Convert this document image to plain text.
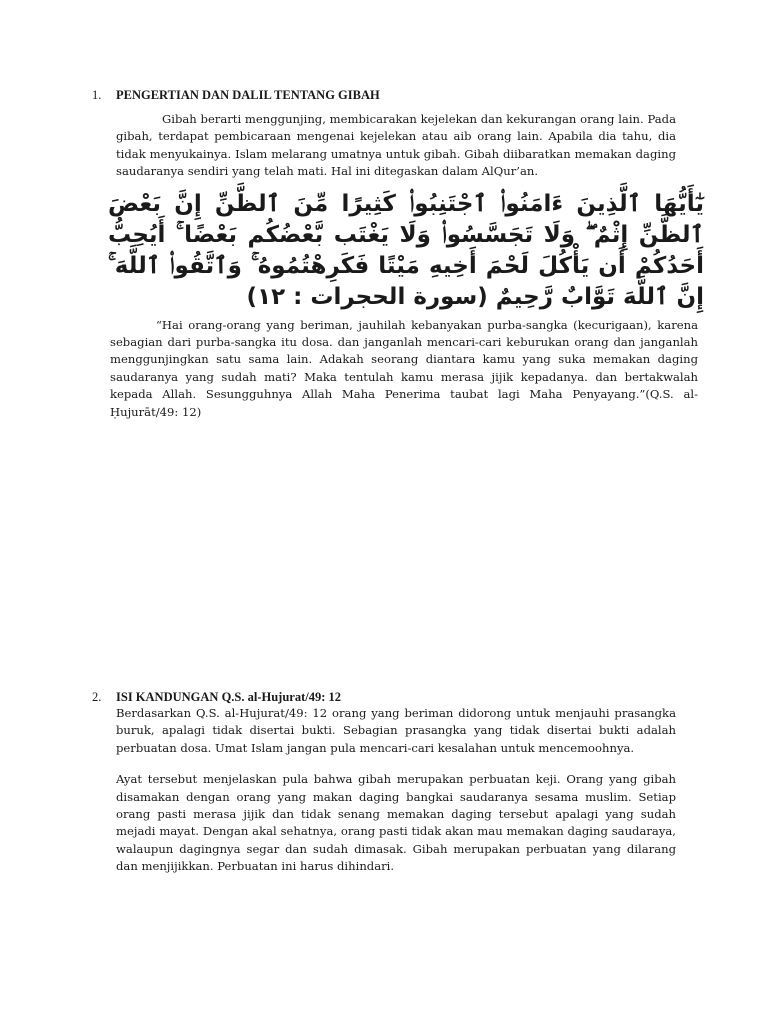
1.	PENGERTIAN DAN DALIL TENTANG GIBAH
Gibah berarti menggunjing, membicarakan kejelekan dan kekurangan orang lain. Pada gibah, terdapat pembicaraan mengenai kejelekan atau aib orang lain. Apabila dia tahu, dia tidak menyukainya. Islam melarang umatnya untuk gibah. Gibah diibaratkan memakan daging saudaranya sendiri yang telah mati. Hal ini ditegaskan dalam AlQur’an.
يٰٓأَيُّهَا ٱلَّذِينَ ءَامَنُوا۟ ٱجْتَنِبُوا۟ كَثِيرًا مِّنَ ٱلظَّنِّ إِنَّ بَعْضَ ٱلظَّنِّ إِثْمٌ ۖ وَلَا تَجَسَّسُوا۟ وَلَا يَغْتَب بَّعْضُكُم بَعْضًا ۚ أَيُحِبُّ أَحَدُكُمْ أَن يَأْكُلَ لَحْمَ أَخِيهِ مَيْتًا فَكَرِهْتُمُوهُ ۚ وَٱتَّقُوا۟ ٱللَّهَ ۚ إِنَّ ٱللَّهَ تَوَّابٌ رَّحِيمٌ (سورة الحجرات : ١٢)
“Hai orang-orang yang beriman, jauhilah kebanyakan purba-sangka (kecurigaan), karena sebagian dari purba-sangka itu dosa. dan janganlah mencari-cari keburukan orang dan janganlah menggunjingkan satu sama lain. Adakah seorang diantara kamu yang suka memakan daging saudaranya yang sudah mati? Maka tentulah kamu merasa jijik kepadanya. dan bertakwalah kepada Allah. Sesungguhnya Allah Maha Penerima taubat lagi Maha Penyayang.”(Q.S. al- Ḥujurāt/49: 12)
2.	ISI KANDUNGAN Q.S. al-Hujurat/49: 12
Berdasarkan Q.S. al-Hujurat/49: 12 orang yang beriman didorong untuk menjauhi prasangka buruk, apalagi tidak disertai bukti. Sebagian prasangka yang tidak disertai bukti adalah perbuatan dosa. Umat Islam jangan pula mencari-cari kesalahan untuk mencemoohnya.
Ayat tersebut menjelaskan pula bahwa gibah merupakan perbuatan keji. Orang yang gibah disamakan dengan orang yang makan daging bangkai saudaranya sesama muslim. Setiap orang pasti merasa jijik dan tidak senang memakan daging tersebut apalagi yang sudah mejadi mayat. Dengan akal sehatnya, orang pasti tidak akan mau memakan daging saudaraya, walaupun dagingnya segar dan sudah dimasak. Gibah merupakan perbuatan yang dilarang dan menjijikkan. Perbuatan ini harus dihindari.
